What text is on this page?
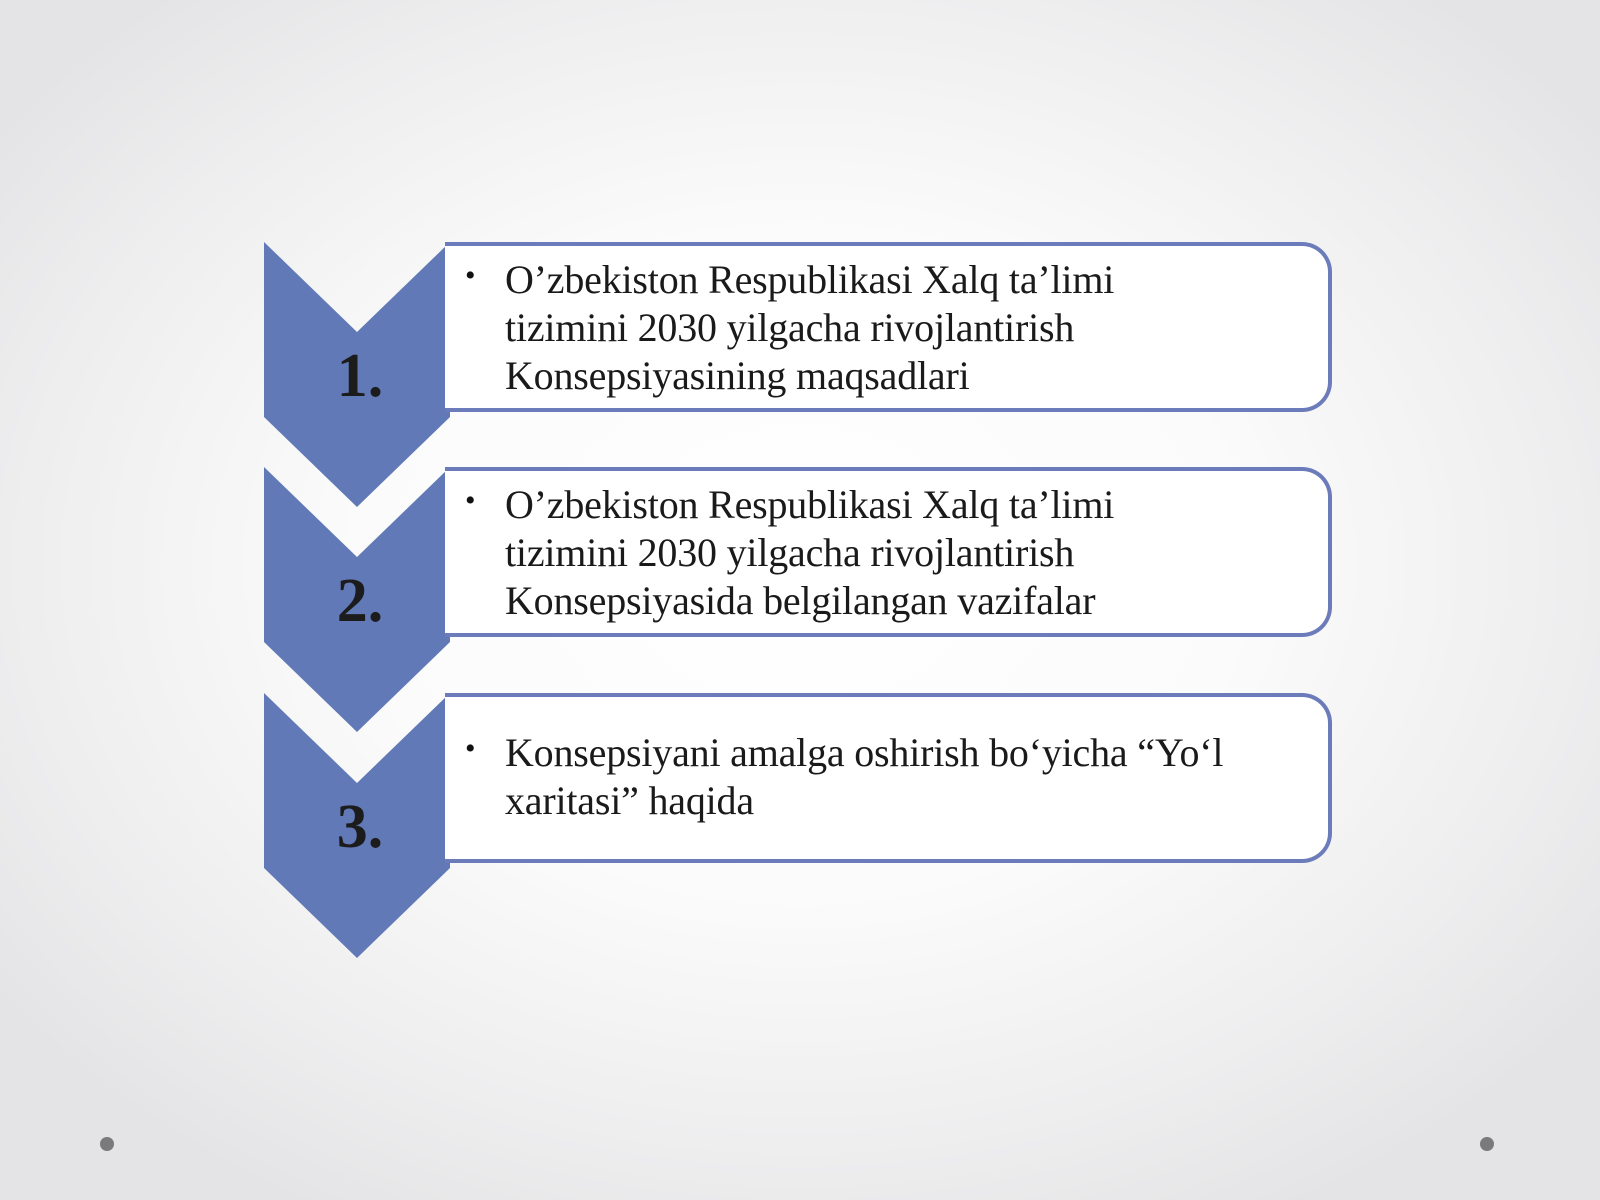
• O’zbekiston Respublikasi Xalq ta’limi
tizimini 2030 yilgacha rivojlantirish
Konsepsiyasining maqsadlari
1.
• O’zbekiston Respublikasi Xalq ta’limi
tizimini 2030 yilgacha rivojlantirish
Konsepsiyasida belgilangan vazifalar
2.
• Konsepsiyani amalga oshirish bo‘yicha “Yo‘l
xaritasi” haqida
3.
